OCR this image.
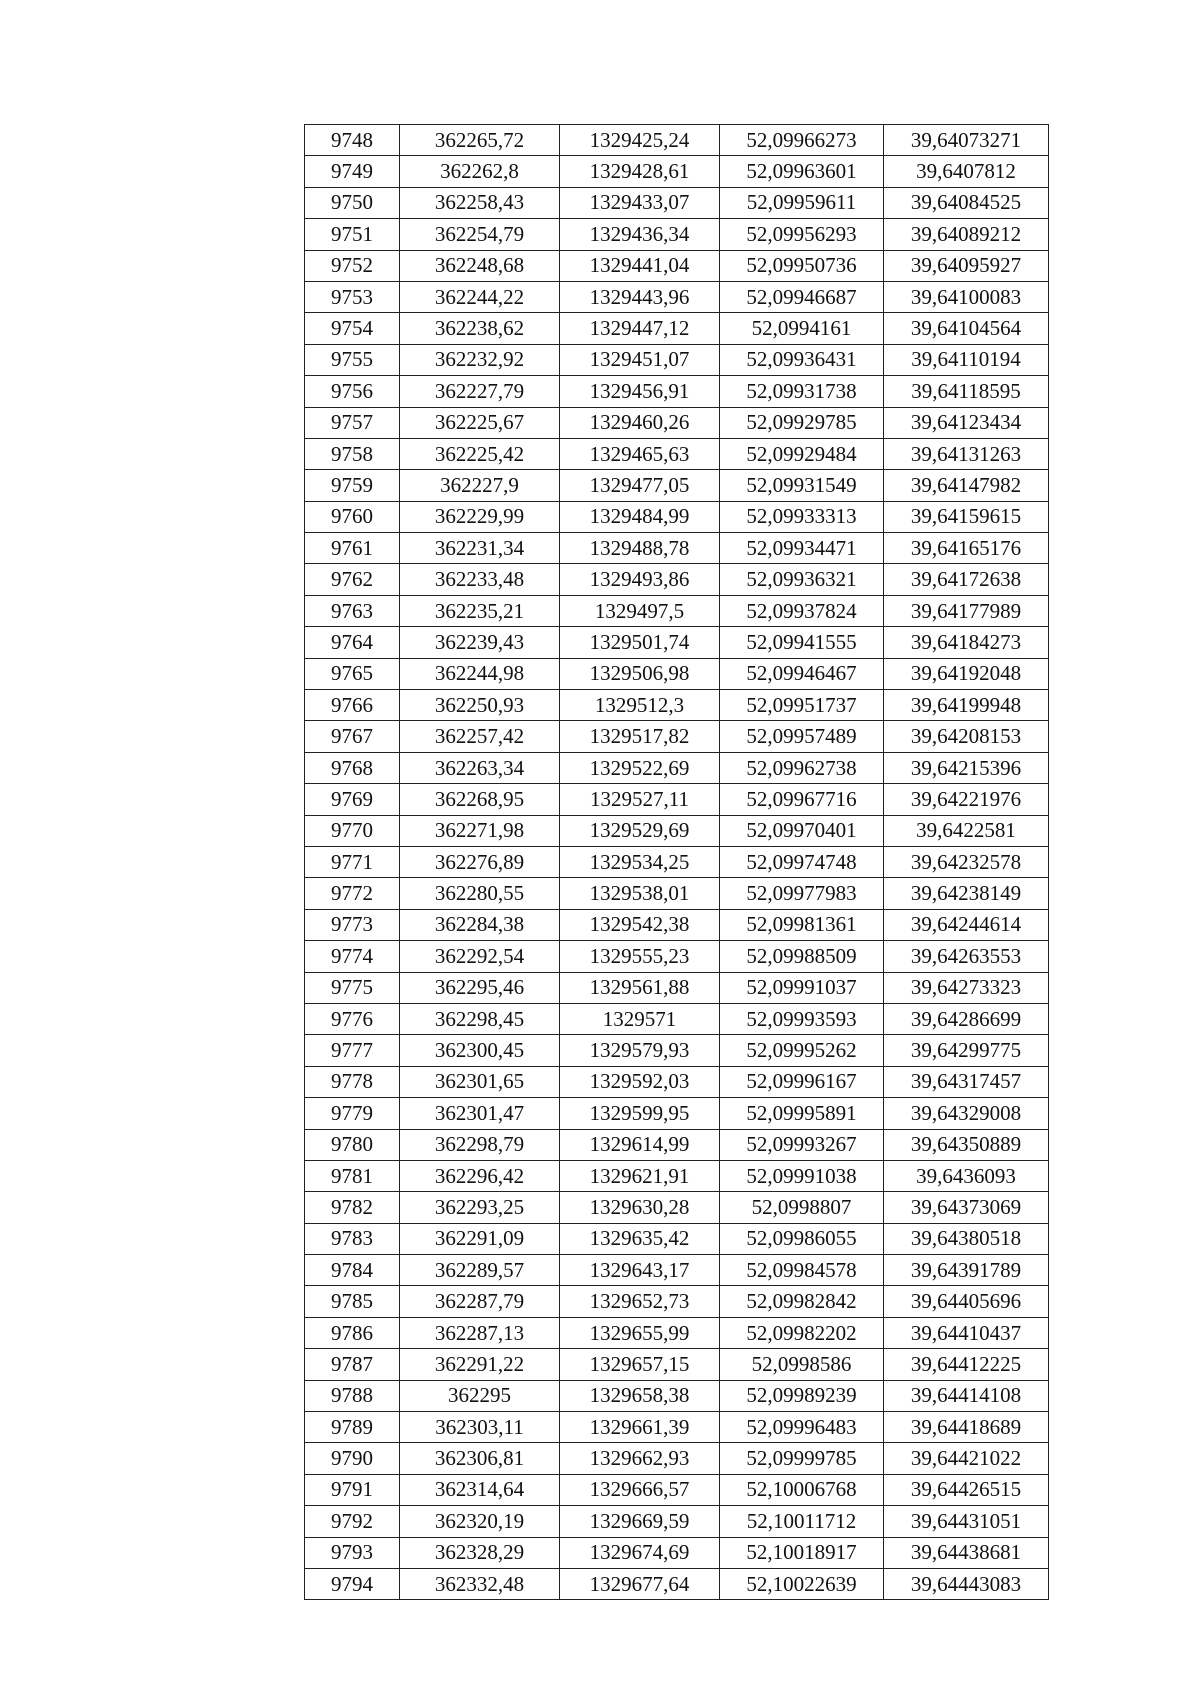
9748	362265,72	1329425,24	52,09966273	39,64073271
9749	362262,8	1329428,61	52,09963601	39,6407812
9750	362258,43	1329433,07	52,09959611	39,64084525
9751	362254,79	1329436,34	52,09956293	39,64089212
9752	362248,68	1329441,04	52,09950736	39,64095927
9753	362244,22	1329443,96	52,09946687	39,64100083
9754	362238,62	1329447,12	52,0994161	39,64104564
9755	362232,92	1329451,07	52,09936431	39,64110194
9756	362227,79	1329456,91	52,09931738	39,64118595
9757	362225,67	1329460,26	52,09929785	39,64123434
9758	362225,42	1329465,63	52,09929484	39,64131263
9759	362227,9	1329477,05	52,09931549	39,64147982
9760	362229,99	1329484,99	52,09933313	39,64159615
9761	362231,34	1329488,78	52,09934471	39,64165176
9762	362233,48	1329493,86	52,09936321	39,64172638
9763	362235,21	1329497,5	52,09937824	39,64177989
9764	362239,43	1329501,74	52,09941555	39,64184273
9765	362244,98	1329506,98	52,09946467	39,64192048
9766	362250,93	1329512,3	52,09951737	39,64199948
9767	362257,42	1329517,82	52,09957489	39,64208153
9768	362263,34	1329522,69	52,09962738	39,64215396
9769	362268,95	1329527,11	52,09967716	39,64221976
9770	362271,98	1329529,69	52,09970401	39,6422581
9771	362276,89	1329534,25	52,09974748	39,64232578
9772	362280,55	1329538,01	52,09977983	39,64238149
9773	362284,38	1329542,38	52,09981361	39,64244614
9774	362292,54	1329555,23	52,09988509	39,64263553
9775	362295,46	1329561,88	52,09991037	39,64273323
9776	362298,45	1329571	52,09993593	39,64286699
9777	362300,45	1329579,93	52,09995262	39,64299775
9778	362301,65	1329592,03	52,09996167	39,64317457
9779	362301,47	1329599,95	52,09995891	39,64329008
9780	362298,79	1329614,99	52,09993267	39,64350889
9781	362296,42	1329621,91	52,09991038	39,6436093
9782	362293,25	1329630,28	52,0998807	39,64373069
9783	362291,09	1329635,42	52,09986055	39,64380518
9784	362289,57	1329643,17	52,09984578	39,64391789
9785	362287,79	1329652,73	52,09982842	39,64405696
9786	362287,13	1329655,99	52,09982202	39,64410437
9787	362291,22	1329657,15	52,0998586	39,64412225
9788	362295	1329658,38	52,09989239	39,64414108
9789	362303,11	1329661,39	52,09996483	39,64418689
9790	362306,81	1329662,93	52,09999785	39,64421022
9791	362314,64	1329666,57	52,10006768	39,64426515
9792	362320,19	1329669,59	52,10011712	39,64431051
9793	362328,29	1329674,69	52,10018917	39,64438681
9794	362332,48	1329677,64	52,10022639	39,64443083
